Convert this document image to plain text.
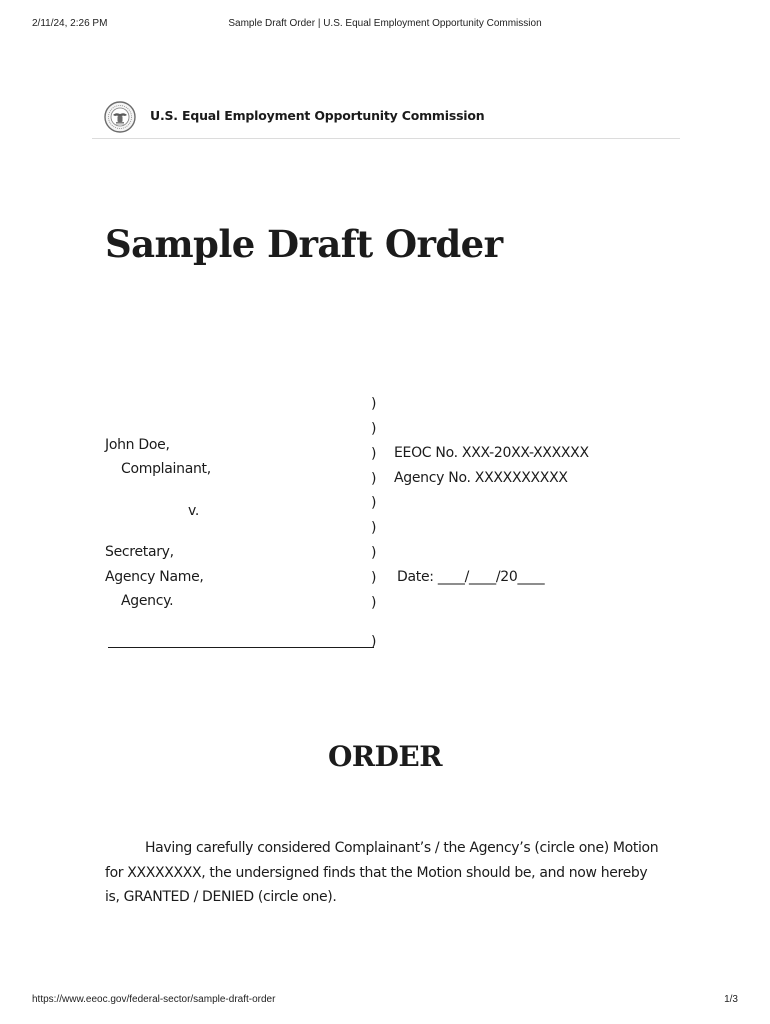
2/11/24, 2:26 PM	Sample Draft Order | U.S. Equal Employment Opportunity Commission
U.S. Equal Employment Opportunity Commission
Sample Draft Order
)
)
)
)
)
)
)
)
)
)
John Doe,
Complainant,
v.
Secretary,
Agency Name,
Agency.
EEOC No. XXX-20XX-XXXXXX
Agency No. XXXXXXXXXX
Date: ____/____/20____
ORDER

Having carefully considered Complainant’s / the Agency’s (circle one) Motion for XXXXXXXX, the undersigned finds that the Motion should be, and now hereby is, GRANTED / DENIED (circle one).

https://www.eeoc.gov/federal-sector/sample-draft-order	1/3
